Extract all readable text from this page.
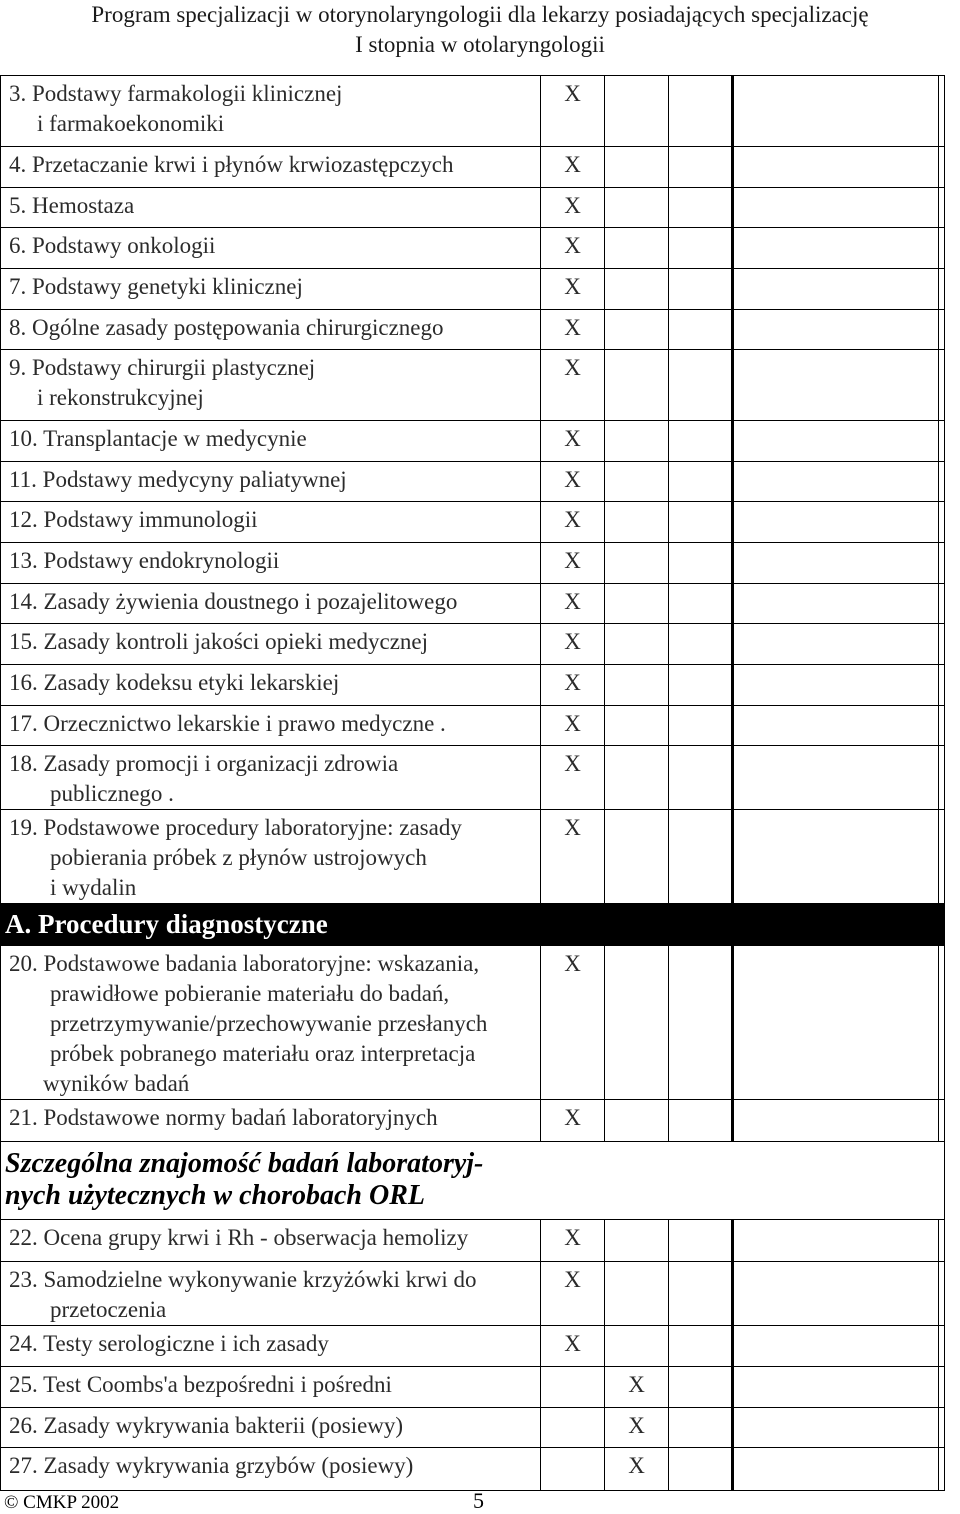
Program specjalizacji w otorynolaryngologii dla lekarzy posiadających specjalizację
I stopnia w otolaryngologii
3. Podstawy farmakologii klinicznej
i farmakoekonomiki	X				

4. Przetaczanie krwi i płynów krwiozastępczych	X				

5. Hemostaza	X				

6. Podstawy onkologii	X				

7. Podstawy genetyki klinicznej	X				

8. Ogólne zasady postępowania chirurgicznego	X				

9. Podstawy chirurgii plastycznej
i rekonstrukcyjnej	X				

10. Transplantacje w medycynie	X				

11. Podstawy medycyny paliatywnej	X				

12. Podstawy immunologii	X				

13. Podstawy endokrynologii	X				

14. Zasady żywienia doustnego i pozajelitowego	X				

15. Zasady kontroli jakości opieki medycznej	X				

16. Zasady kodeksu etyki lekarskiej	X				

17. Orzecznictwo lekarskie i prawo medyczne .	X				

18. Zasady promocji i organizacji zdrowia
publicznego .	X				

19. Podstawowe procedury laboratoryjne: zasady
pobierania próbek z płynów ustrojowych
i wydalin	X				
A. Procedury diagnostyczne					

20. Podstawowe badania laboratoryjne: wskazania,
prawidłowe pobieranie materiału do badań,
przetrzymywanie/przechowywanie przesłanych
próbek pobranego materiału oraz interpretacja
wyników badań	X				

21. Podstawowe normy badań laboratoryjnych	X				

Szczególna znajomość badań laboratoryj-
nych użytecznych w chorobach ORL					

22. Ocena grupy krwi i Rh - obserwacja hemolizy	X				

23. Samodzielne wykonywanie krzyżówki krwi do
przetoczenia	X				

24. Testy serologiczne i ich zasady	X				

25. Test Coombs'a bezpośredni i pośredni		X			

26. Zasady wykrywania bakterii (posiewy)		X			

27. Zasady wykrywania grzybów (posiewy)		X			
© CMKP 2002	5
